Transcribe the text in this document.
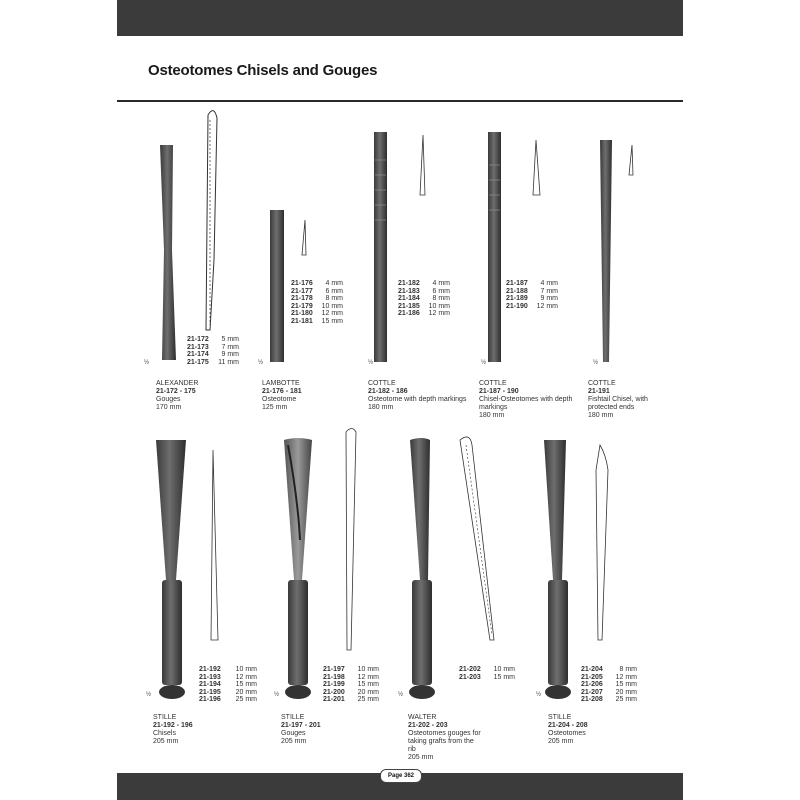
Osteotomes Chisels and Gouges
½	½	½	½	½
½	½	½	½
21-172	5 mm
21-173	7 mm
21-174	9 mm
21-175	11 mm
21-176	4 mm
21-177	6 mm
21-178	8 mm
21-179	10 mm
21-180	12 mm
21-181	15 mm
21-182	4 mm
21-183	6 mm
21-184	8 mm
21-185	10 mm
21-186	12 mm
21-187	4 mm
21-188	7 mm
21-189	9 mm
21-190	12 mm
ALEXANDER
21-172 - 175
Gouges
170 mm
LAMBOTTE
21-176 - 181
Osteotome
125 mm
COTTLE
21-182 - 186
Osteotome with depth markings
180 mm
COTTLE
21-187 - 190
Chisel-Osteotomes with depth markings
180 mm
COTTLE
21-191
Fishtail Chisel, with protected ends
180 mm
21-192	10 mm
21-193	12 mm
21-194	15 mm
21-195	20 mm
21-196	25 mm
21-197	10 mm
21-198	12 mm
21-199	15 mm
21-200	20 mm
21-201	25 mm
21-202	10 mm
21-203	15 mm
21-204	8 mm
21-205	12 mm
21-206	15 mm
21-207	20 mm
21-208	25 mm
STILLE
21-192 - 196
Chisels
205 mm
STILLE
21-197 - 201
Gouges
205 mm
WALTER
21-202 - 203
Osteotomes gouges for taking grafts from the rib
205 mm
STILLE
21-204 - 208
Osteotomes
205 mm
Page 362
